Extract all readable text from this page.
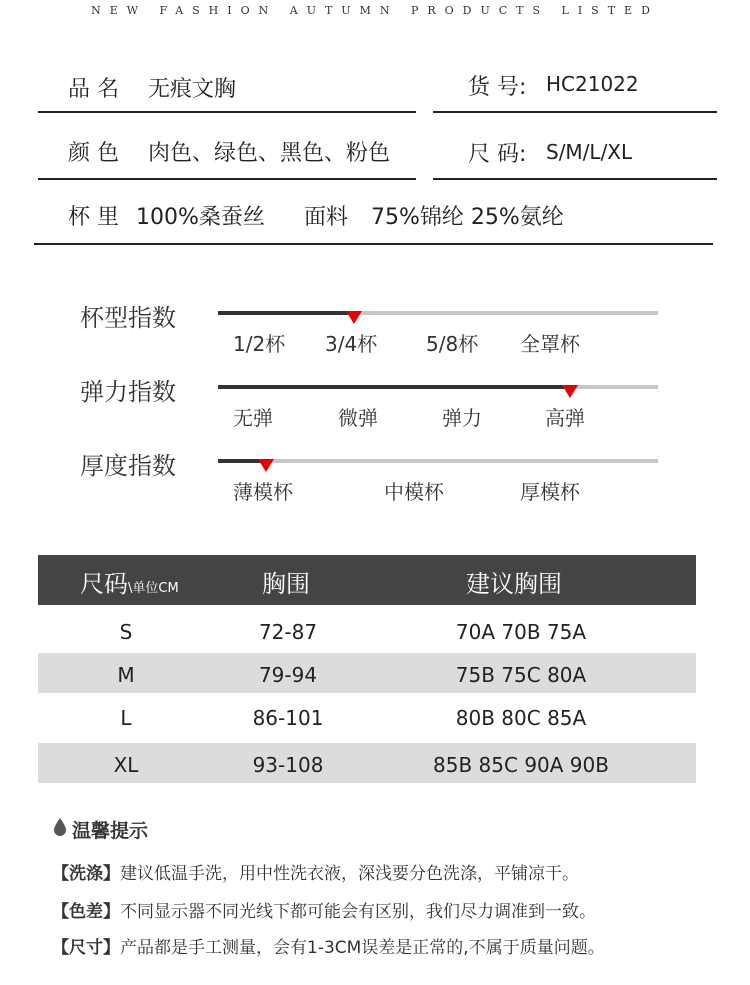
NEW FASHION AUTUMN PRODUCTS LISTED
品 名 无痕文胸	货 号: HC21022
颜 色 肉色、绿色、黑色、粉色	尺 码: S/M/L/XL
杯 里 100%桑蚕丝 面料 75%锦纶 25%氨纶
杯型指数
1/2杯 3/4杯 5/8杯 全罩杯
弹力指数
无弹	微弹	弹力	高弹
厚度指数
薄模杯	中模杯	厚模杯
尺码\单位CM	胸围	建议胸围
S	72-87	70A 70B 75A
M	79-94	75B 75C 80A
L	86-101	80B 80C 85A
XL	93-108	85B 85C 90A 90B
温馨提示
【洗涤】建议低温手洗，用中性洗衣液，深浅要分色洗涤，平铺凉干。
【色差】不同显示器不同光线下都可能会有区别，我们尽力调准到一致。
【尺寸】产品都是手工测量，会有1-3CM误差是正常的,不属于质量问题。
